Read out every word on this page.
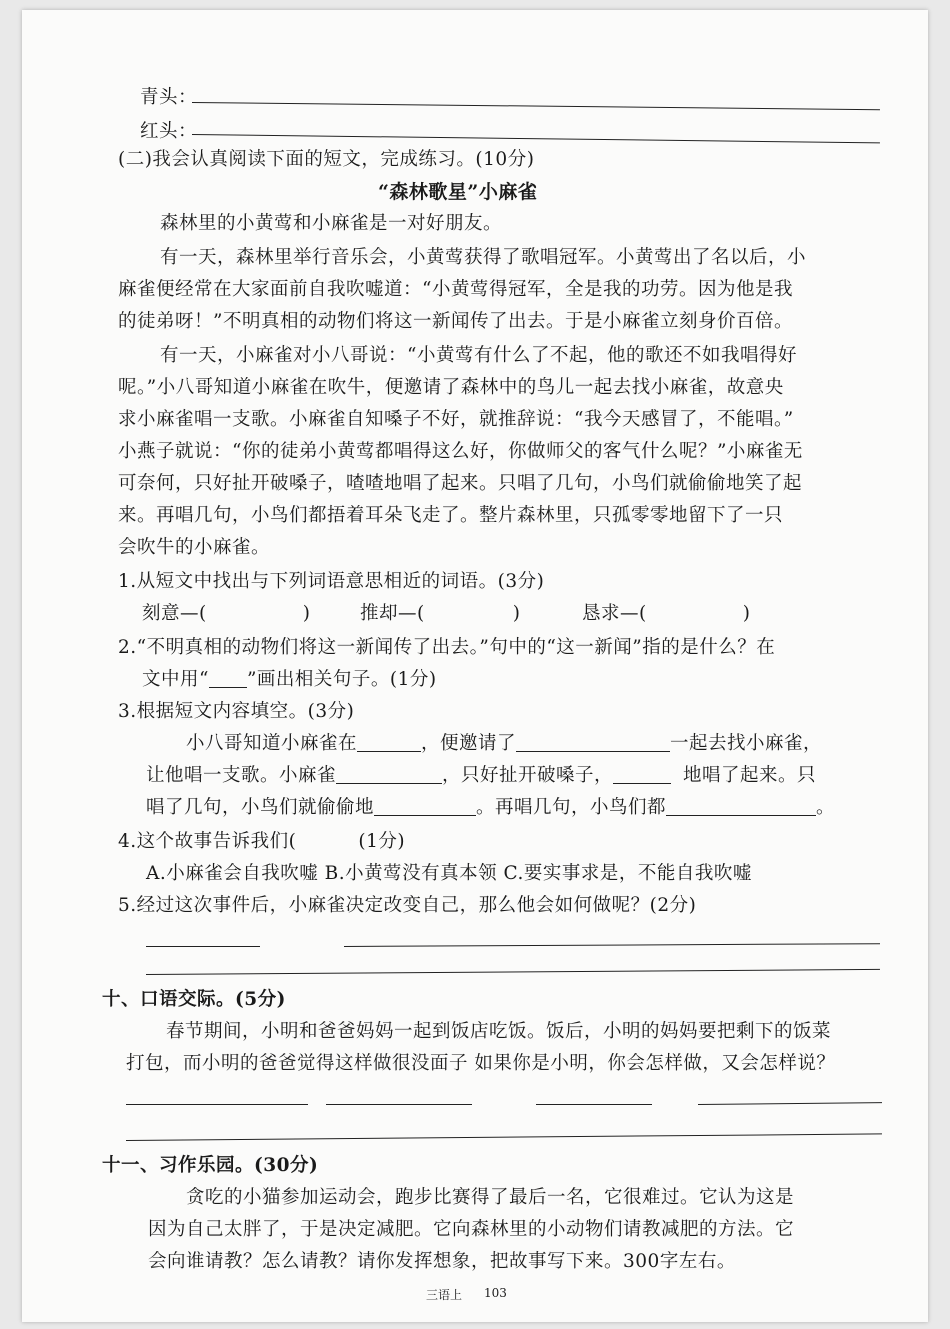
青头：
红头：
(二)我会认真阅读下面的短文，完成练习。(10分)
“森林歌星”小麻雀
森林里的小黄莺和小麻雀是一对好朋友。
有一天，森林里举行音乐会，小黄莺获得了歌唱冠军。小黄莺出了名以后，小
麻雀便经常在大家面前自我吹嘘道：“小黄莺得冠军，全是我的功劳。因为他是我
的徒弟呀！”不明真相的动物们将这一新闻传了出去。于是小麻雀立刻身价百倍。
有一天，小麻雀对小八哥说：“小黄莺有什么了不起，他的歌还不如我唱得好
呢。”小八哥知道小麻雀在吹牛，便邀请了森林中的鸟儿一起去找小麻雀，故意央
求小麻雀唱一支歌。小麻雀自知嗓子不好，就推辞说：“我今天感冒了，不能唱。”
小燕子就说：“你的徒弟小黄莺都唱得这么好，你做师父的客气什么呢？”小麻雀无
可奈何，只好扯开破嗓子，喳喳地唱了起来。只唱了几句，小鸟们就偷偷地笑了起
来。再唱几句，小鸟们都捂着耳朵飞走了。整片森林里，只孤零零地留下了一只
会吹牛的小麻雀。
1.从短文中找出与下列词语意思相近的词语。(3分)
刻意—(	)	推却—(	)	恳求—(	)
2.“不明真相的动物们将这一新闻传了出去。”句中的“这一新闻”指的是什么？在
文中用“ ”画出相关句子。(1分)
3.根据短文内容填空。(3分)
小八哥知道小麻雀在	，便邀请了	一起去找小麻雀，
让他唱一支歌。小麻雀	，只好扯开破嗓子，	地唱了起来。只
唱了几句，小鸟们就偷偷地	。再唱几句，小鸟们都	。
4.这个故事告诉我们(	(1分)
A.小麻雀会自我吹嘘 B.小黄莺没有真本领 C.要实事求是，不能自我吹嘘
5.经过这次事件后，小麻雀决定改变自己，那么他会如何做呢？(2分)
十、口语交际。(5分)
春节期间，小明和爸爸妈妈一起到饭店吃饭。饭后，小明的妈妈要把剩下的饭菜
打包，而小明的爸爸觉得这样做很没面子 如果你是小明，你会怎样做，又会怎样说？
十一、习作乐园。(30分)
贪吃的小猫参加运动会，跑步比赛得了最后一名，它很难过。它认为这是
因为自己太胖了，于是决定减肥。它向森林里的小动物们请教减肥的方法。它
会向谁请教？怎么请教？请你发挥想象，把故事写下来。300字左右。
三语上 103
